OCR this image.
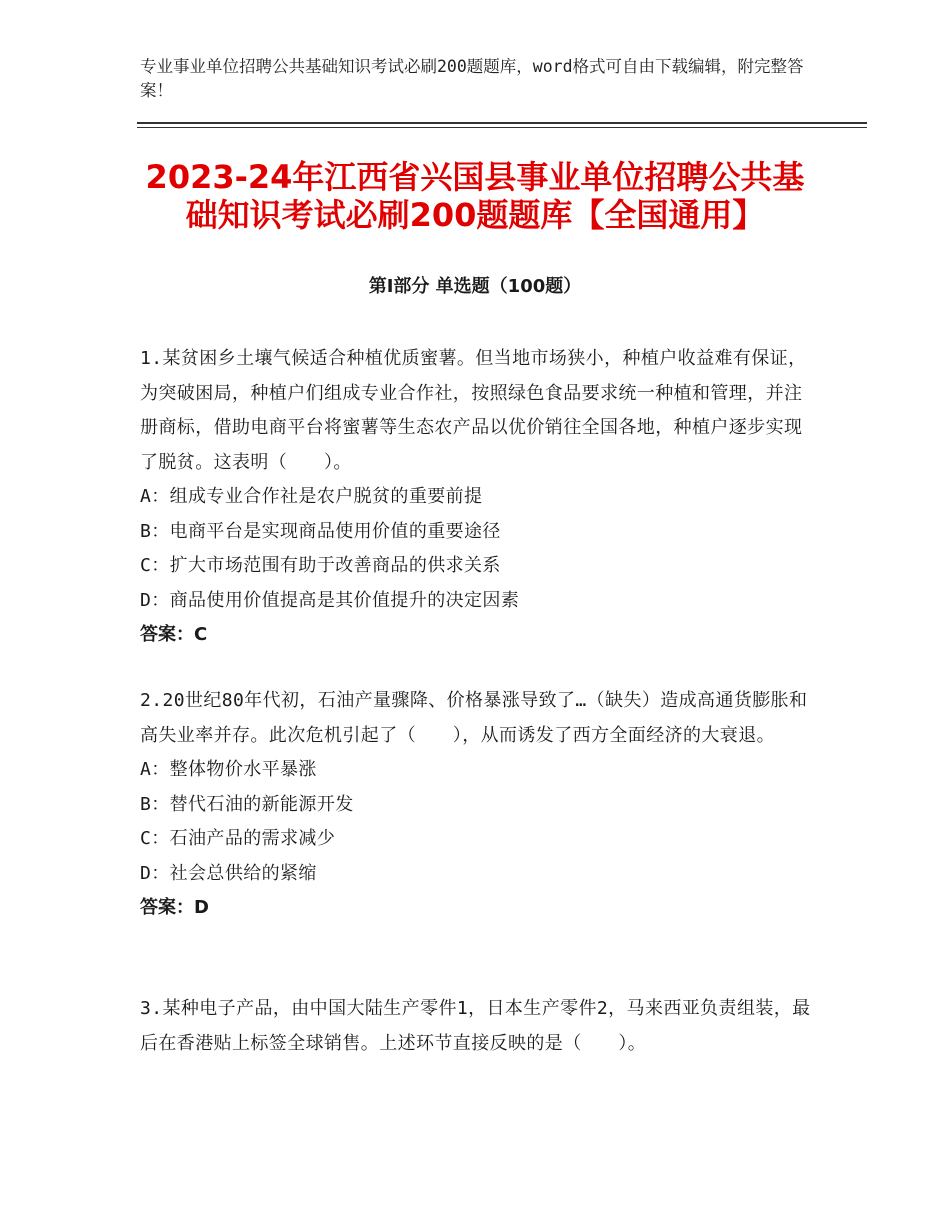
专业事业单位招聘公共基础知识考试必刷200题题库，word格式可自由下载编辑，附完整答案！
2023-24年江西省兴国县事业单位招聘公共基础知识考试必刷200题题库【全国通用】
第Ⅰ部分 单选题（100题）

1.某贫困乡土壤气候适合种植优质蜜薯。但当地市场狭小，种植户收益难有保证，为突破困局，种植户们组成专业合作社，按照绿色食品要求统一种植和管理，并注册商标，借助电商平台将蜜薯等生态农产品以优价销往全国各地，种植户逐步实现了脱贫。这表明（　　）。

A：组成专业合作社是农户脱贫的重要前提
B：电商平台是实现商品使用价值的重要途径
C：扩大市场范围有助于改善商品的供求关系
D：商品使用价值提高是其价值提升的决定因素
答案：C

2.20世纪80年代初，石油产量骤降、价格暴涨导致了…（缺失）造成高通货膨胀和高失业率并存。此次危机引起了（　　），从而诱发了西方全面经济的大衰退。

A：整体物价水平暴涨
B：替代石油的新能源开发
C：石油产品的需求减少
D：社会总供给的紧缩
答案：D

3.某种电子产品，由中国大陆生产零件1，日本生产零件2，马来西亚负责组装，最后在香港贴上标签全球销售。上述环节直接反映的是（　　）。
